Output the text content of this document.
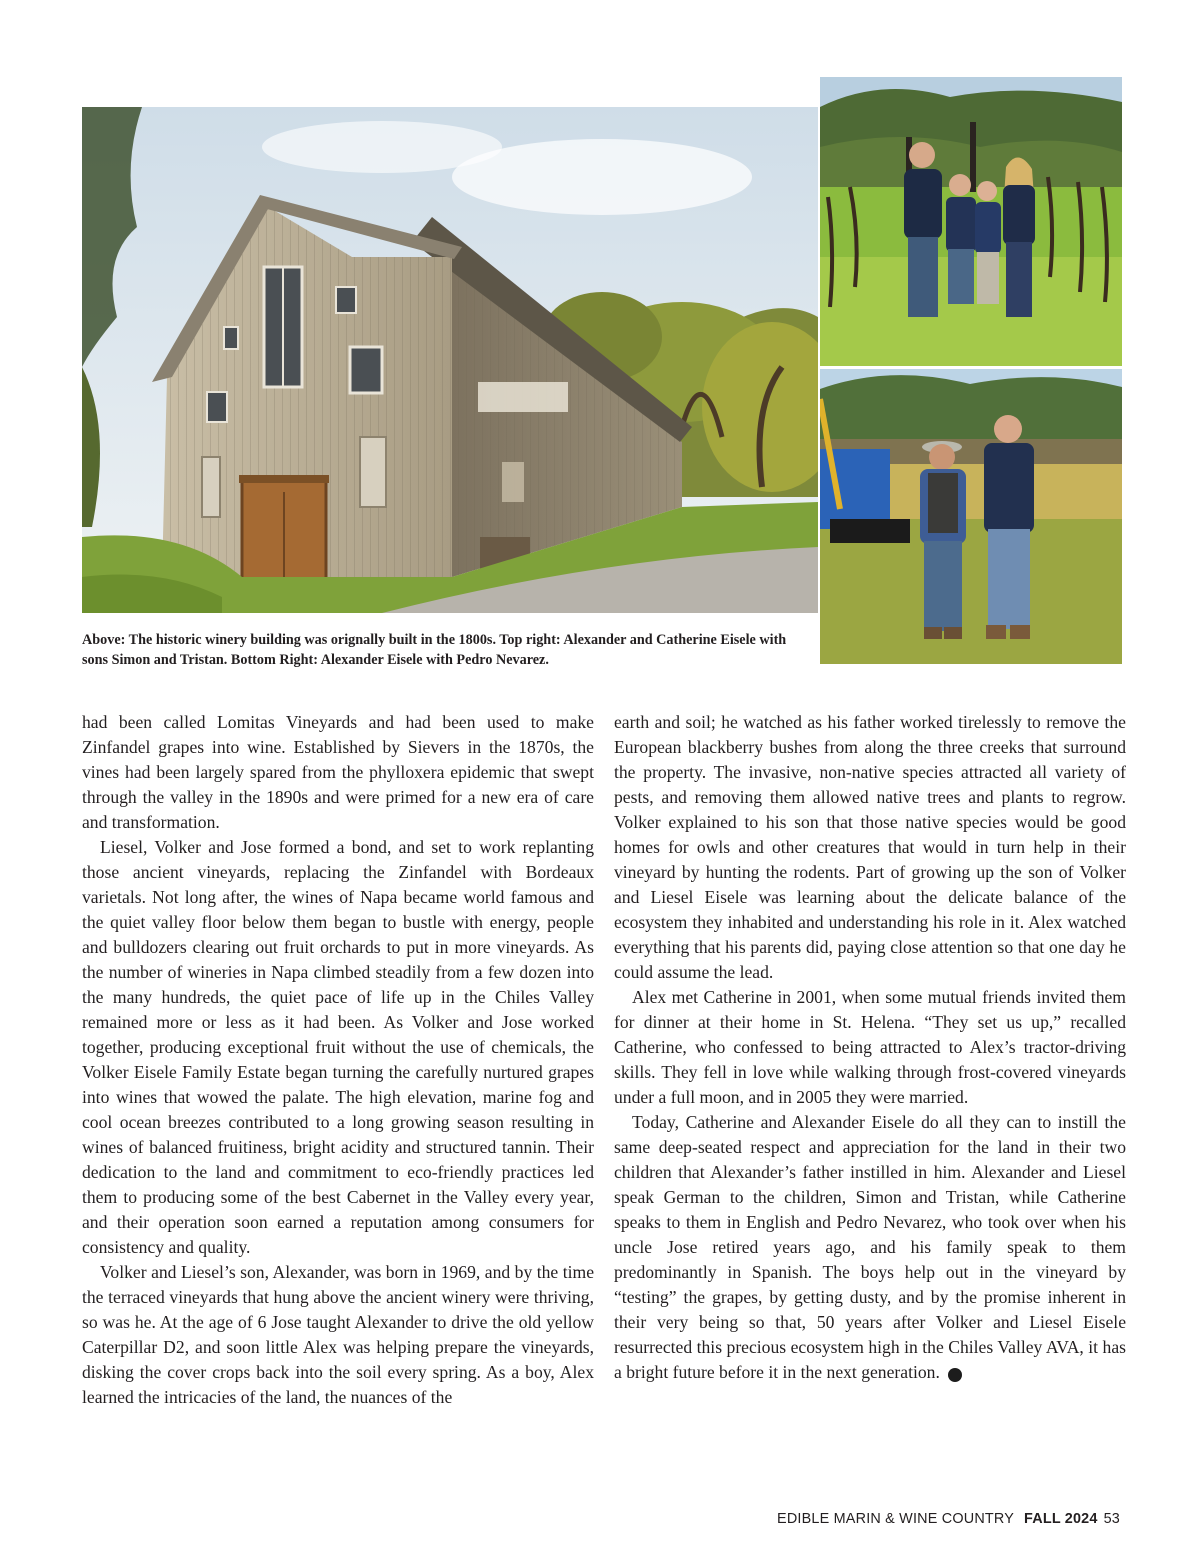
Above: The historic winery building was orignally built in the 1800s. Top right: Alexander and Catherine Eisele with sons Simon and Tristan. Bottom Right: Alexander Eisele with Pedro Nevarez.

had been called Lomitas Vineyards and had been used to make Zinfandel grapes into wine. Established by Sievers in the 1870s, the vines had been largely spared from the phylloxera epidemic that swept through the valley in the 1890s and were primed for a new era of care and transformation.

Liesel, Volker and Jose formed a bond, and set to work replanting those ancient vineyards, replacing the Zinfandel with Bordeaux varietals. Not long after, the wines of Napa became world famous and the quiet valley floor below them began to bustle with energy, people and bulldozers clearing out fruit orchards to put in more vineyards. As the number of wineries in Napa climbed steadily from a few dozen into the many hundreds, the quiet pace of life up in the Chiles Valley remained more or less as it had been. As Volker and Jose worked together, producing exceptional fruit without the use of chemicals, the Volker Eisele Family Estate began turning the carefully nurtured grapes into wines that wowed the palate. The high elevation, marine fog and cool ocean breezes contributed to a long growing season resulting in wines of balanced fruitiness, bright acidity and structured tannin. Their dedication to the land and commitment to eco-friendly practices led them to producing some of the best Cabernet in the Valley every year, and their operation soon earned a reputation among consumers for consistency and quality.

Volker and Liesel’s son, Alexander, was born in 1969, and by the time the terraced vineyards that hung above the ancient winery were thriving, so was he. At the age of 6 Jose taught Alexander to drive the old yellow Caterpillar D2, and soon little Alex was helping prepare the vineyards, disking the cover crops back into the soil every spring. As a boy, Alex learned the intricacies of the land, the nuances of the

earth and soil; he watched as his father worked tirelessly to remove the European blackberry bushes from along the three creeks that surround the property. The invasive, non-native species attracted all variety of pests, and removing them allowed native trees and plants to regrow. Volker explained to his son that those native species would be good homes for owls and other creatures that would in turn help in their vineyard by hunting the rodents. Part of growing up the son of Volker and Liesel Eisele was learning about the delicate balance of the ecosystem they inhabited and understanding his role in it. Alex watched everything that his parents did, paying close attention so that one day he could assume the lead.

Alex met Catherine in 2001, when some mutual friends invited them for dinner at their home in St. Helena. “They set us up,” recalled Catherine, who confessed to being attracted to Alex’s tractor-driving skills. They fell in love while walking through frost-covered vineyards under a full moon, and in 2005 they were married.

Today, Catherine and Alexander Eisele do all they can to instill the same deep-seated respect and appreciation for the land in their two children that Alexander’s father instilled in him. Alexander and Liesel speak German to the children, Simon and Tristan, while Catherine speaks to them in English and Pedro Nevarez, who took over when his uncle Jose retired years ago, and his family speak to them predominantly in Spanish. The boys help out in the vineyard by “testing” the grapes, by getting dusty, and by the promise inherent in their very being so that, 50 years after Volker and Liesel Eisele resurrected this precious ecosystem high in the Chiles Valley AVA, it has a bright future before it in the next generation.	e

EDIBLE MARIN & WINE COUNTRY FALL 2024 53
